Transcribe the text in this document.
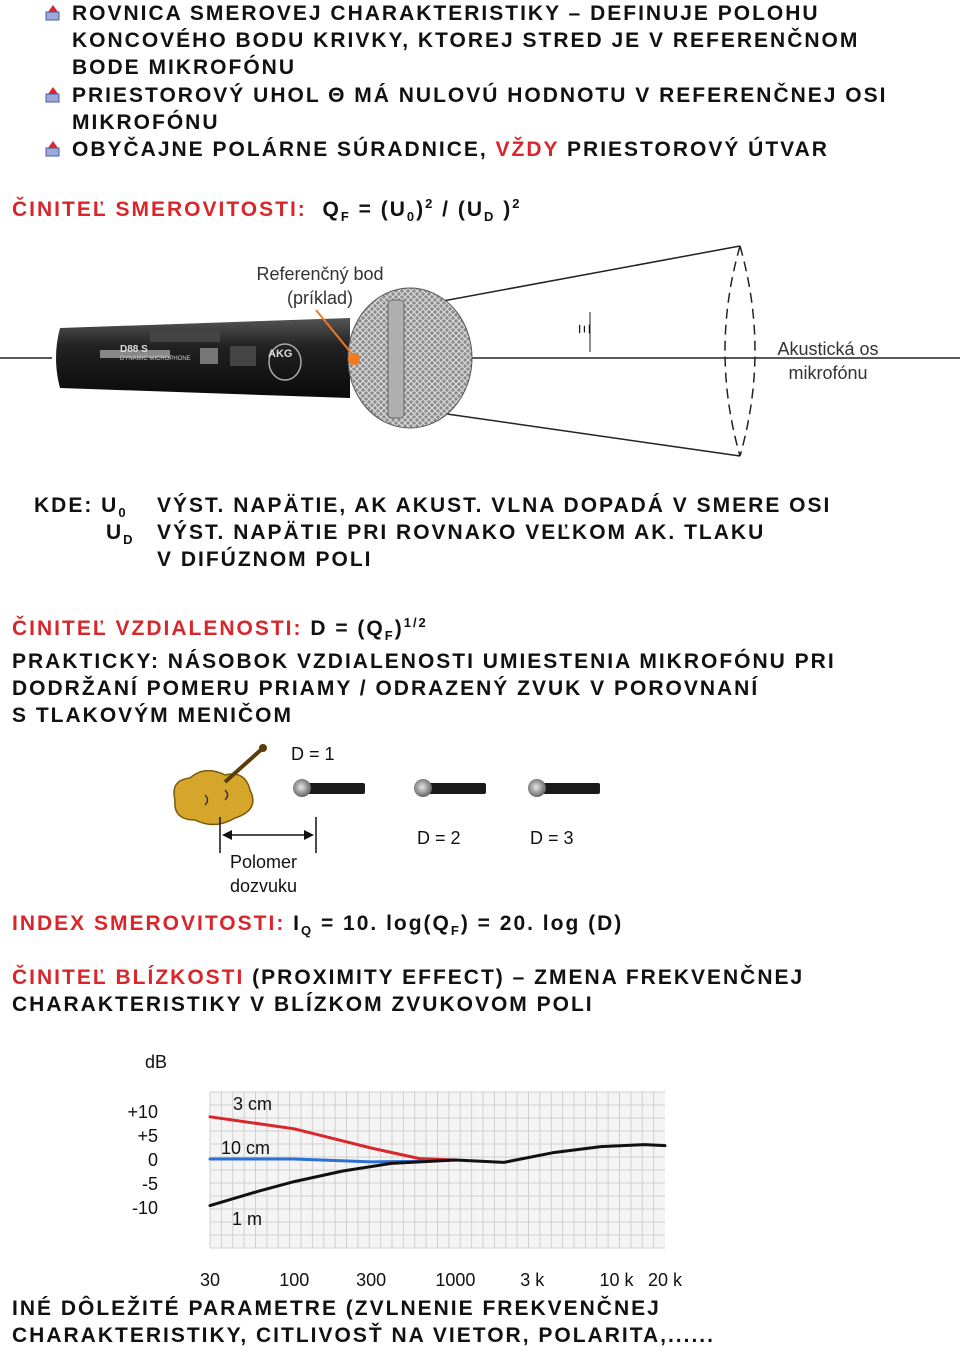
ROVNICA SMEROVEJ CHARAKTERISTIKY – DEFINUJE POLOHU
KONCOVÉHO BODU KRIVKY, KTOREJ STRED JE V REFERENČNOM
BODE MIKROFÓNU
PRIESTOROVÝ UHOL Θ MÁ NULOVÚ HODNOTU V REFERENČNEJ OSI
MIKROFÓNU
OBYČAJNE POLÁRNE SÚRADNICE, VŽDY PRIESTOROVÝ ÚTVAR
ČINITEĽ SMEROVITOSTI: $Q_F = (U_0)^2 / (U_D$ )$^2$
Referenčný bod
(príklad)
Ξ
Akustická os
mikrofónu
D88 S
DYNAMIC MICROPHONE	AKG
KDE: $U_0$ VÝST. NAPÄTIE, AK AKUST. VLNA DOPADÁ V SMERE OSI
$U_D$ VÝST. NAPÄTIE PRI ROVNAKO VEĽKOM AK. TLAKU
V DIFÚZNOM POLI
ČINITEĽ VZDIALENOSTI: $D = (Q_F)^{1/2}$
PRAKTICKY: NÁSOBOK VZDIALENOSTI UMIESTENIA MIKROFÓNU PRI
DODRŽANÍ POMERU PRIAMY / ODRAZENÝ ZVUK V POROVNANÍ
S TLAKOVÝM MENIČOM
D = 1
D = 2	D = 3
Polomer
dozvuku
INDEX SMEROVITOSTI: $I_Q = 10$. $\log(Q_F) = 20$. log (D)
ČINITEĽ BLÍZKOSTI (PROXIMITY EFFECT) – ZMENA FREKVENČNEJ
CHARAKTERISTIKY V BLÍZKOM ZVUKOVOM POLI
dB
+10
+5
0
-5
-10
30	100	300	1000 3 k	10 k 20 k
3 cm
10 cm
1 m
INÉ DÔLEŽITÉ PARAMETRE (ZVLNENIE FREKVENČNEJ
CHARAKTERISTIKY, CITLIVOSŤ NA VIETOR, POLARITA,......
